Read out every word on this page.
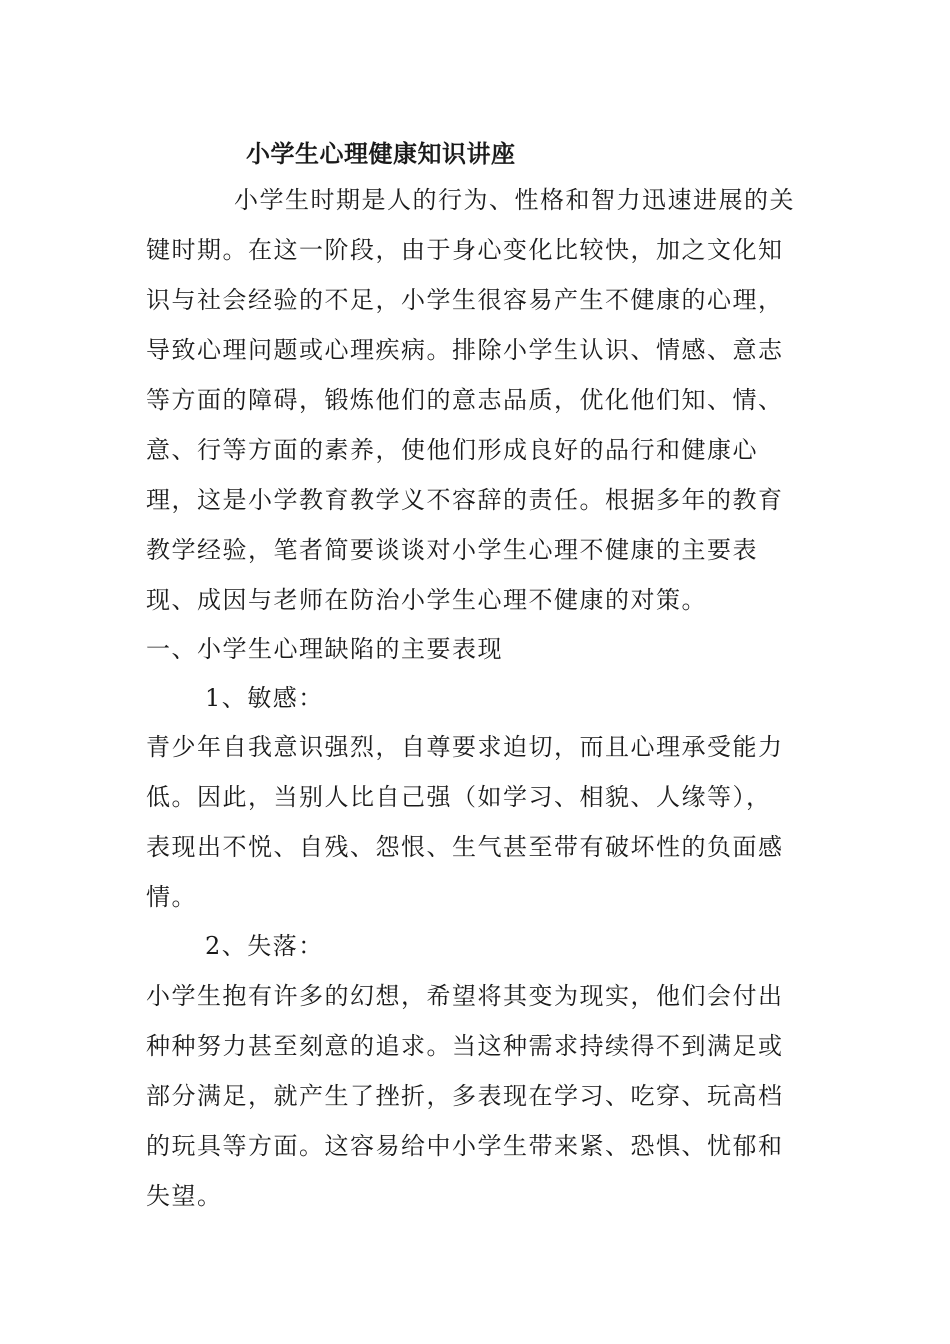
小学生心理健康知识讲座

小学生时期是人的行为、性格和智力迅速进展的关键时期。在这一阶段，由于身心变化比较快，加之文化知识与社会经验的不足，小学生很容易产生不健康的心理，导致心理问题或心理疾病。排除小学生认识、情感、意志等方面的障碍，锻炼他们的意志品质，优化他们知、情、意、行等方面的素养，使他们形成良好的品行和健康心理，这是小学教育教学义不容辞的责任。根据多年的教育教学经验，笔者简要谈谈对小学生心理不健康的主要表现、成因与老师在防治小学生心理不健康的对策。

一、小学生心理缺陷的主要表现
1、敏感：

青少年自我意识强烈，自尊要求迫切，而且心理承受能力低。因此，当别人比自己强（如学习、相貌、人缘等），表现出不悦、自残、怨恨、生气甚至带有破坏性的负面感情。

2、失落：

小学生抱有许多的幻想，希望将其变为现实，他们会付出种种努力甚至刻意的追求。当这种需求持续得不到满足或部分满足，就产生了挫折，多表现在学习、吃穿、玩高档的玩具等方面。这容易给中小学生带来紧、恐惧、忧郁和失望。
